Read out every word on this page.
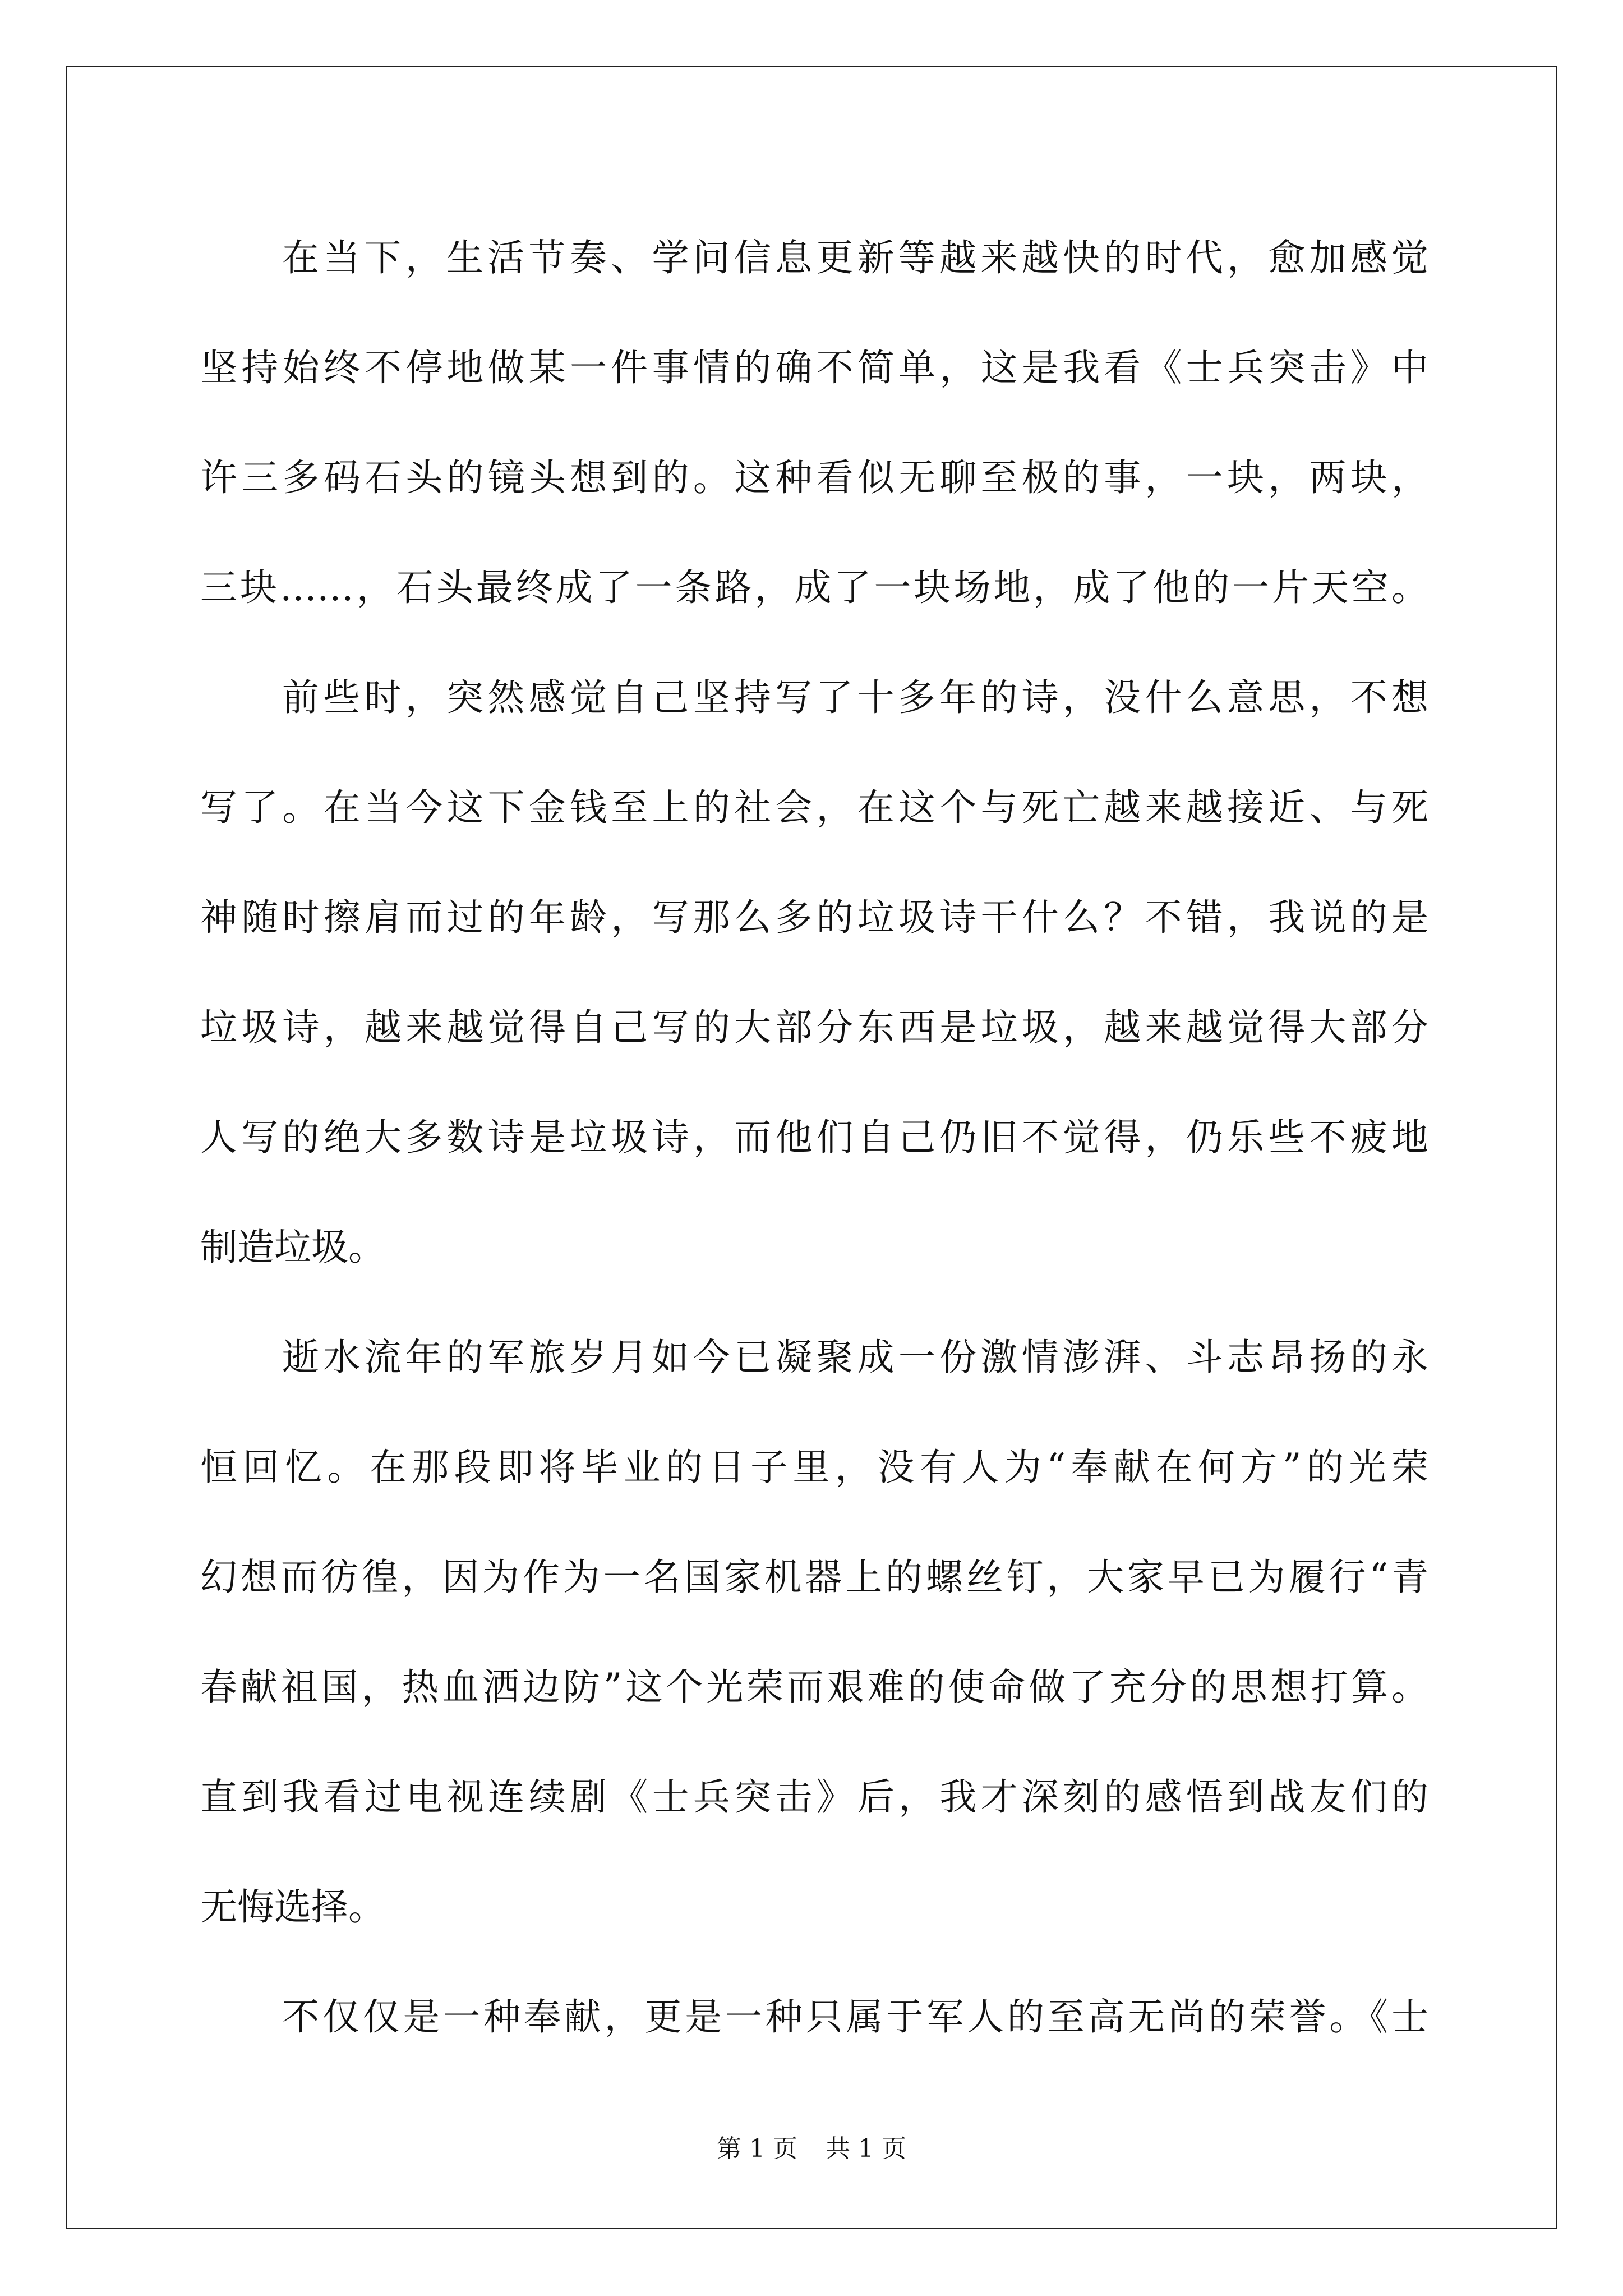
在当下，生活节奏、学问信息更新等越来越快的时代，愈加感觉
坚持始终不停地做某一件事情的确不简单，这是我看《士兵突击》中
许三多码石头的镜头想到的。这种看似无聊至极的事，一块，两块，
三块……，石头最终成了一条路，成了一块场地，成了他的一片天空。
前些时，突然感觉自己坚持写了十多年的诗，没什么意思，不想
写了。在当今这下金钱至上的社会，在这个与死亡越来越接近、与死
神随时擦肩而过的年龄，写那么多的垃圾诗干什么？不错，我说的是
垃圾诗，越来越觉得自己写的大部分东西是垃圾，越来越觉得大部分
人写的绝大多数诗是垃圾诗，而他们自己仍旧不觉得，仍乐些不疲地
制造垃圾。
逝水流年的军旅岁月如今已凝聚成一份激情澎湃、斗志昂扬的永
恒回忆。在那段即将毕业的日子里，没有人为“奉献在何方”的光荣
幻想而彷徨，因为作为一名国家机器上的螺丝钉，大家早已为履行“青
春献祖国，热血洒边防”这个光荣而艰难的使命做了充分的思想打算。
直到我看过电视连续剧《士兵突击》后，我才深刻的感悟到战友们的
无悔选择。
不仅仅是一种奉献，更是一种只属于军人的至高无尚的荣誉。《士
第 1 页 共 1 页
